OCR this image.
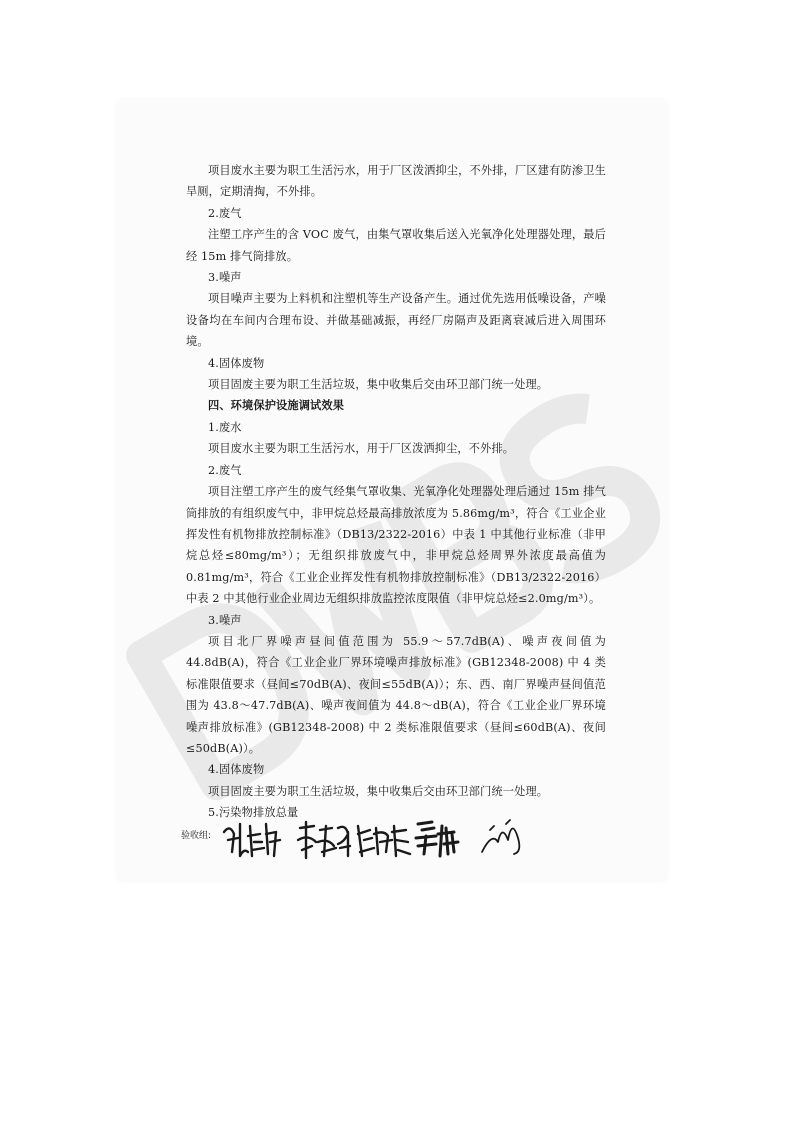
项目废水主要为职工生活污水，用于厂区泼洒抑尘，不外排，厂区建有防渗卫生旱厕，定期清掏，不外排。

2.废气

注塑工序产生的含 VOC 废气，由集气罩收集后送入光氧净化处理器处理，最后经 15m 排气筒排放。

3.噪声

项目噪声主要为上料机和注塑机等生产设备产生。通过优先选用低噪设备，产噪设备均在车间内合理布设、并做基础减振，再经厂房隔声及距离衰减后进入周围环境。

4.固体废物

项目固废主要为职工生活垃圾，集中收集后交由环卫部门统一处理。

四、环境保护设施调试效果

1.废水

项目废水主要为职工生活污水，用于厂区泼洒抑尘，不外排。

2.废气

项目注塑工序产生的废气经集气罩收集、光氧净化处理器处理后通过 15m 排气筒排放的有组织废气中，非甲烷总烃最高排放浓度为 5.86mg/m³，符合《工业企业挥发性有机物排放控制标准》（DB13/2322-2016）中表 1 中其他行业标准（非甲烷总烃≤80mg/m³）；无组织排放废气中，非甲烷总烃周界外浓度最高值为 0.81mg/m³，符合《工业企业挥发性有机物排放控制标准》（DB13/2322-2016）中表 2 中其他行业企业周边无组织排放监控浓度限值（非甲烷总烃≤2.0mg/m³）。

3.噪声

项目北厂界噪声昼间值范围为 55.9～57.7dB(A)、噪声夜间值为 44.8dB(A)，符合《工业企业厂界环境噪声排放标准》(GB12348-2008) 中 4 类标准限值要求（昼间≤70dB(A)、夜间≤55dB(A)）；东、西、南厂界噪声昼间值范围为 43.8～47.7dB(A)、噪声夜间值为 44.8～dB(A)，符合《工业企业厂界环境噪声排放标准》(GB12348-2008) 中 2 类标准限值要求（昼间≤60dB(A)、夜间≤50dB(A)）。

4.固体废物

项目固废主要为职工生活垃圾，集中收集后交由环卫部门统一处理。

5.污染物排放总量

验收组:
